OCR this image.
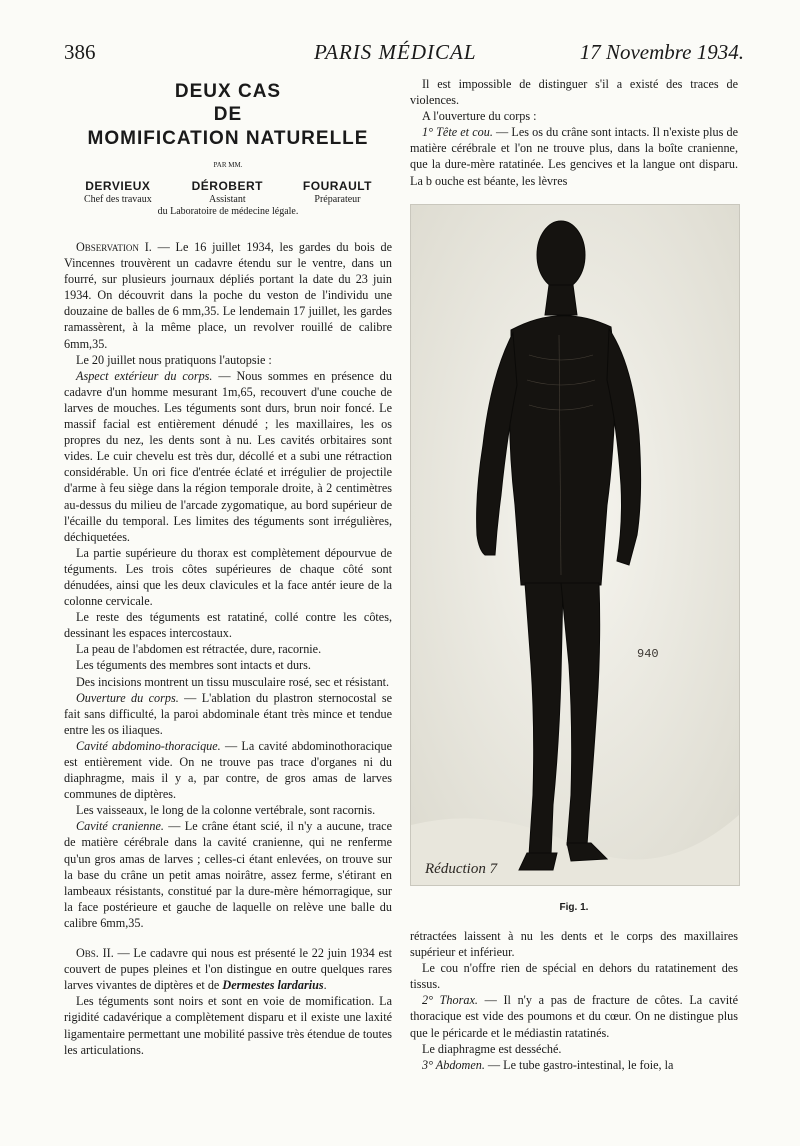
386	PARIS MÉDICAL	17 Novembre 1934.
DEUX CAS
DE
MOMIFICATION NATURELLE
PAR MM.
DERVIEUX
Chef des travaux
DÉROBERT
Assistant
FOURAULT
Préparateur
du Laboratoire de médecine légale.

Observation I. — Le 16 juillet 1934, les gardes du bois de Vincennes trouvèrent un cadavre étendu sur le ventre, dans un fourré, sur plusieurs journaux dépliés portant la date du 23 juin 1934. On découvrit dans la poche du veston de l'individu une douzaine de balles de 6 mm,35. Le lendemain 17 juillet, les gardes ramassèrent, à la même place, un revolver rouillé de calibre 6mm,35.

Le 20 juillet nous pratiquons l'autopsie :

Aspect extérieur du corps. — Nous sommes en présence du cadavre d'un homme mesurant 1m,65, recouvert d'une couche de larves de mouches. Les téguments sont durs, brun noir foncé. Le massif facial est entièrement dénudé ; les maxillaires, les os propres du nez, les dents sont à nu. Les cavités orbitaires sont vides. Le cuir chevelu est très dur, décollé et a subi une rétraction considérable. Un ori fice d'entrée éclaté et irrégulier de projectile d'arme à feu siège dans la région temporale droite, à 2 centimètres au-dessus du milieu de l'arcade zygomatique, au bord supérieur de l'écaille du temporal. Les limites des téguments sont irrégulières, déchiquetées.

La partie supérieure du thorax est complètement dépourvue de téguments. Les trois côtes supérieures de chaque côté sont dénudées, ainsi que les deux clavicules et la face antér ieure de la colonne cervicale.

Le reste des téguments est ratatiné, collé contre les côtes, dessinant les espaces intercostaux.

La peau de l'abdomen est rétractée, dure, racornie.

Les téguments des membres sont intacts et durs.

Des incisions montrent un tissu musculaire rosé, sec et résistant.

Ouverture du corps. — L'ablation du plastron sternocostal se fait sans difficulté, la paroi abdominale étant très mince et tendue entre les os iliaques.

Cavité abdomino-thoracique. — La cavité abdominothoracique est entièrement vide. On ne trouve pas trace d'organes ni du diaphragme, mais il y a, par contre, de gros amas de larves communes de diptères.

Les vaisseaux, le long de la colonne vertébrale, sont racornis.

Cavité cranienne. — Le crâne étant scié, il n'y a aucune, trace de matière cérébrale dans la cavité cranienne, qui ne renferme qu'un gros amas de larves ; celles-ci étant enlevées, on trouve sur la base du crâne un petit amas noirâtre, assez ferme, s'étirant en lambeaux résistants, constitué par la dure-mère hémorragique, sur la face postérieure et gauche de laquelle on relève une balle du calibre 6mm,35.

Obs. II. — Le cadavre qui nous est présenté le 22 juin 1934 est couvert de pupes pleines et l'on distingue en outre quelques rares larves vivantes de diptères et de Dermestes lardarius.

Les téguments sont noirs et sont en voie de momification. La rigidité cadavérique a complètement disparu et il existe une laxité ligamentaire permettant une mobilité passive très étendue de toutes les articulations.

Il est impossible de distinguer s'il a existé des traces de violences.

A l'ouverture du corps :

1° Tête et cou. — Les os du crâne sont intacts. Il n'existe plus de matière cérébrale et l'on ne trouve plus, dans la boîte cranienne, que la dure-mère ratatinée. Les gencives et la langue ont disparu. La b ouche est béante, les lèvres

940
Réduction 7
Fig. 1.

rétractées laissent à nu les dents et le corps des maxillaires supérieur et inférieur.

Le cou n'offre rien de spécial en dehors du ratatinement des tissus.

2° Thorax. — Il n'y a pas de fracture de côtes. La cavité thoracique est vide des poumons et du cœur. On ne distingue plus que le péricarde et le médiastin ratatinés.

Le diaphragme est desséché.

3° Abdomen. — Le tube gastro-intestinal, le foie, la
